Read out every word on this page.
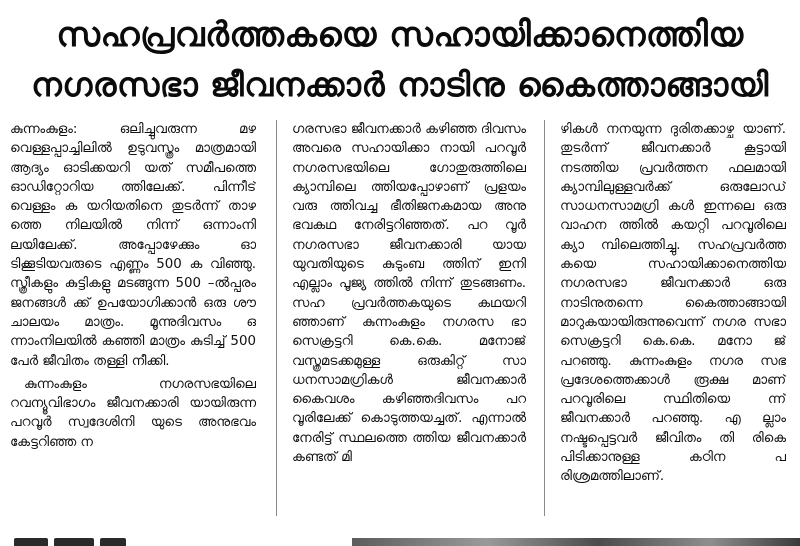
സഹപ്രവർത്തകയെ സഹായിക്കാനെത്തിയ
നഗരസഭാ ജീവനക്കാർ നാടിനു കൈത്താങ്ങായി

കുന്നംകുളം: ഒലിച്ചുവരുന്ന മഴ വെള്ളപ്പാച്ചിലിൽ ഉടുവസ്ത്രം മാത്രമായി ആദ്യം ഓടിക്കയറി യത് സമീപത്തെ ഓഡിറ്റോറിയ ത്തിലേക്ക്. പിന്നീട് വെള്ളം ക യറിയതിനെ തുടർന്ന് താഴ ത്തെ നിലയിൽ നിന്ന് ഒന്നാംനി ലയിലേക്ക്. അപ്പോഴേക്കും ഓ ടിക്കൂടിയവരുടെ എണ്ണം 500 ക വിഞ്ഞു. സ്ത്രീകളും കുട്ടികളു മടങ്ങുന്ന 500 –ൽപ്പരം ജനങ്ങൾ ക്ക് ഉപയോഗിക്കാൻ ഒരു ശൗ ചാലയം മാത്രം. മൂന്നുദിവസം ഒ ന്നാംനിലയിൽ കഞ്ഞി മാത്രം കുടിച്ച് 500 പേർ ജീവിതം തള്ളി നീക്കി.

കുന്നംകുളം നഗരസഭയിലെ റവന്യൂവിഭാഗം ജീവനക്കാരി യായിരുന്ന പറവൂർ സ്വദേശിനി യുടെ അനുഭവം കേട്ടറിഞ്ഞ ന

ഗരസഭാ ജീവനക്കാർ കഴിഞ്ഞ ദിവസം അവരെ സഹായിക്കാ നായി പറവൂർ നഗരസഭയിലെ ഗോതുരുത്തിലെ ക്യാമ്പിലെ ത്തിയപ്പോഴാണ് പ്രളയം വരു ത്തിവച്ച ഭീതിജനകമായ അനു ഭവകഥ നേരിട്ടറിഞ്ഞത്. പറ വൂർ നഗരസഭാ ജീവനക്കാരി യായ യുവതിയുടെ കുടുംബ ത്തിന് ഇനി എല്ലാം പൂജ്യ ത്തിൽ നിന്ന് തുടങ്ങണം. സഹ പ്രവർത്തകയുടെ കഥയറി ഞ്ഞാണ് കുന്നംകുളം നഗരസ ഭാ സെക്രട്ടറി കെ.കെ. മനോജ് വസ്ത്രമടക്കമുള്ള ഒരുകിറ്റ് സാ ധനസാമഗ്രികൾ ജീവനക്കാർ കൈവശം കഴിഞ്ഞദിവസം പറ വൂരിലേക്ക് കൊടുത്തയച്ചത്. എന്നാൽ നേരിട്ട് സ്ഥലത്തെ ത്തിയ ജീവനക്കാർ കണ്ടത് മി

ഴികൾ നനയുന്ന ദുരിതക്കാഴ്ച യാണ്. തുടർന്ന് ജീവനക്കാർ കൂട്ടായി നടത്തിയ പ്രവർത്തന ഫലമായി ക്യാമ്പിലുള്ളവർക്ക് ഒരുലോഡ് സാധനസാമഗ്രി കൾ ഇന്നലെ ഒരു വാഹന ത്തിൽ കയറ്റി പറവൂരിലെ ക്യാ മ്പിലെത്തിച്ചു. സഹപ്രവർത്ത കയെ സഹായിക്കാനെത്തിയ നഗരസഭാ ജീവനക്കാർ ഒരു നാടിനുതന്നെ കൈത്താങ്ങായി മാറുകയായിരുന്നുവെന്ന് നഗര സഭാ സെക്രട്ടറി കെ.കെ. മനോ ജ് പറഞ്ഞു. കുന്നംകുളം നഗര സഭ പ്രദേശത്തെക്കാൾ രൂക്ഷ മാണ് പറവൂരിലെ സ്ഥിതിയെ ന്ന് ജീവനക്കാർ പറഞ്ഞു. എ ല്ലാം നഷ്ടപ്പെട്ടവർ ജീവിതം തി രികെ പിടിക്കാനുള്ള കഠിന പ രിശ്രമത്തിലാണ്.
